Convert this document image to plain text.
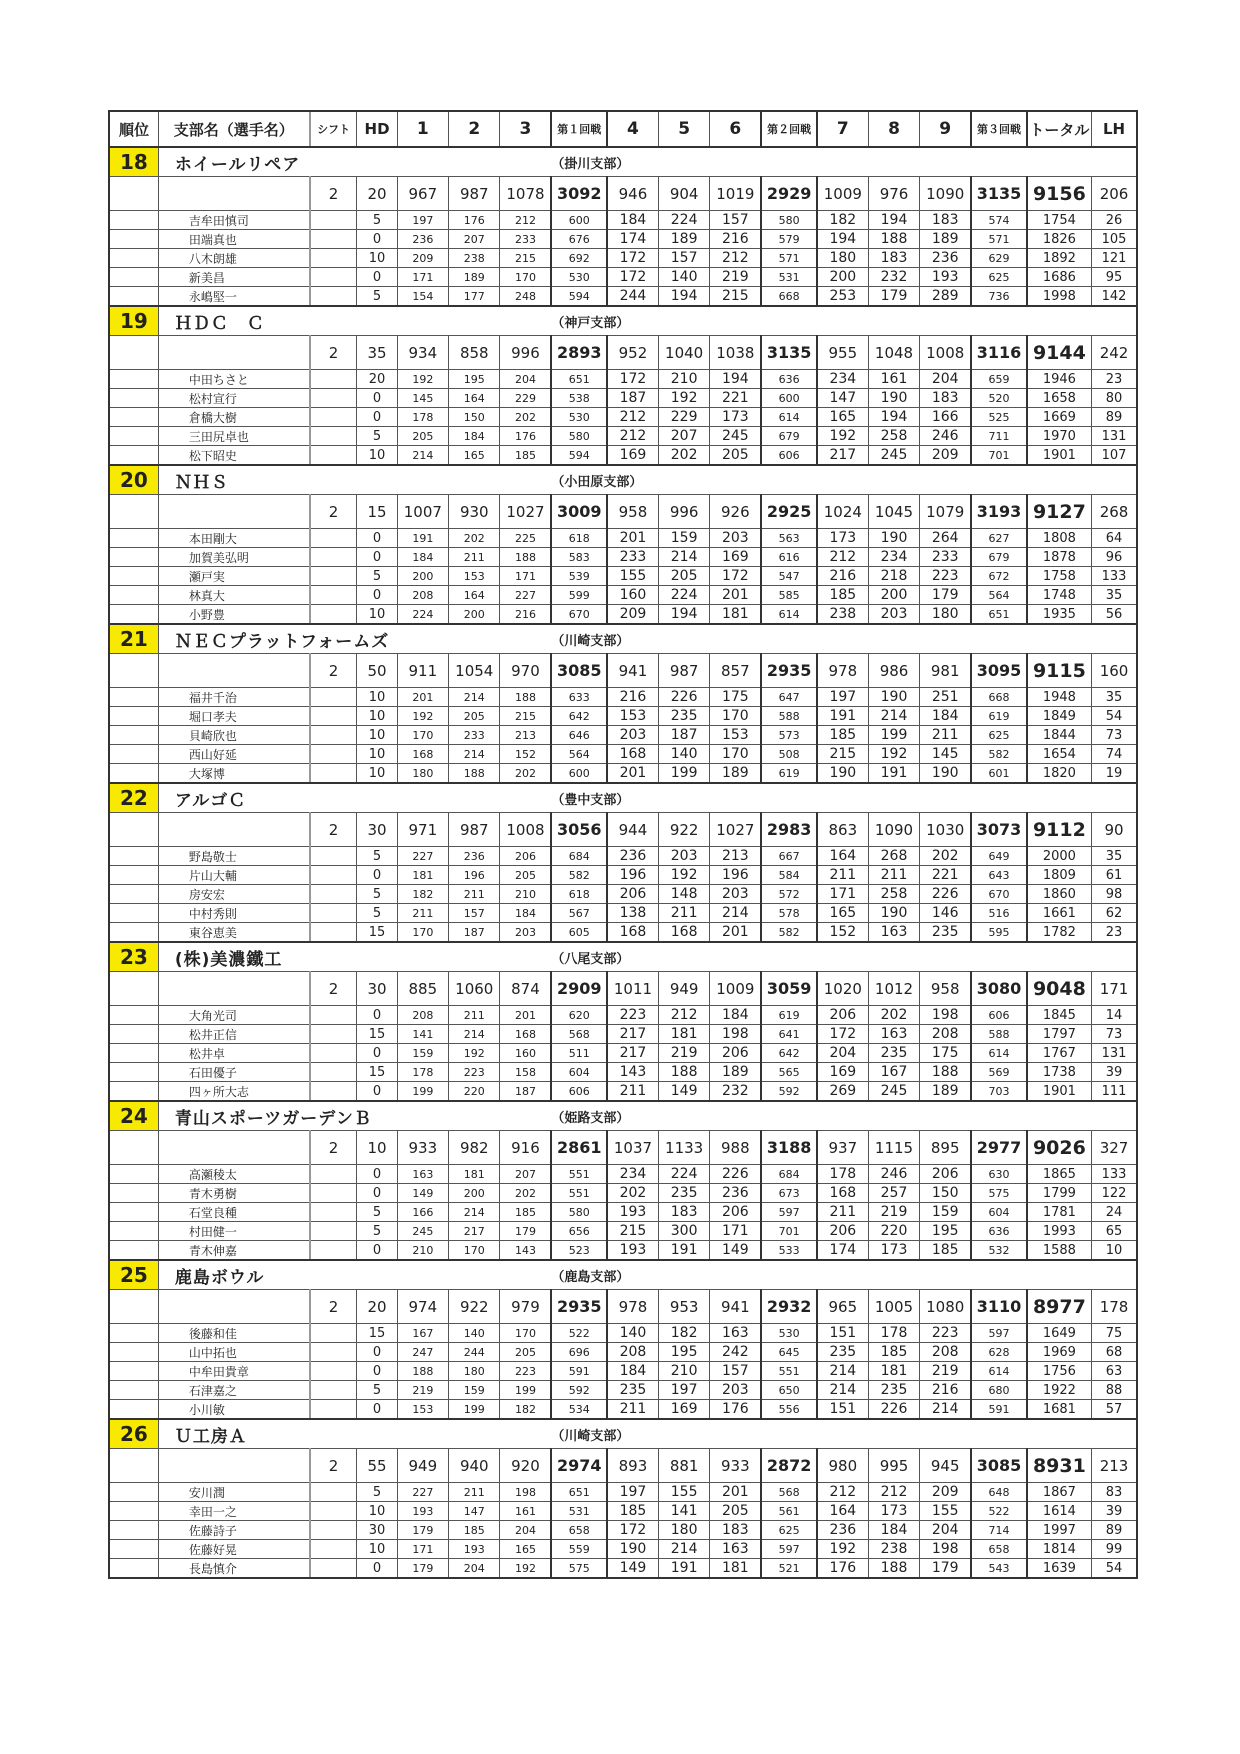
順位	支部名（選手名）	シフト	HD	1	2	3	第１回戦	4	5	6	第２回戦	7	8	9	第３回戦	トータル	LH
18	ホイールリペア						（掛川支部）										
		2	20	967	987	1078	3092	946	904	1019	2929	1009	976	1090	3135	9156	206
	吉牟田慎司		5	197	176	212	600	184	224	157	580	182	194	183	574	1754	26
	田端真也		0	236	207	233	676	174	189	216	579	194	188	189	571	1826	105
	八木朗雄		10	209	238	215	692	172	157	212	571	180	183	236	629	1892	121
	新美昌		0	171	189	170	530	172	140	219	531	200	232	193	625	1686	95
	永嶋堅一		5	154	177	248	594	244	194	215	668	253	179	289	736	1998	142
19	ＨＤＣ　Ｃ						（神戸支部）										
		2	35	934	858	996	2893	952	1040	1038	3135	955	1048	1008	3116	9144	242
	中田ちさと		20	192	195	204	651	172	210	194	636	234	161	204	659	1946	23
	松村宣行		0	145	164	229	538	187	192	221	600	147	190	183	520	1658	80
	倉橋大樹		0	178	150	202	530	212	229	173	614	165	194	166	525	1669	89
	三田尻卓也		5	205	184	176	580	212	207	245	679	192	258	246	711	1970	131
	松下昭史		10	214	165	185	594	169	202	205	606	217	245	209	701	1901	107
20	ＮＨＳ						（小田原支部）										
		2	15	1007	930	1027	3009	958	996	926	2925	1024	1045	1079	3193	9127	268
	本田剛大		0	191	202	225	618	201	159	203	563	173	190	264	627	1808	64
	加賀美弘明		0	184	211	188	583	233	214	169	616	212	234	233	679	1878	96
	瀬戸実		5	200	153	171	539	155	205	172	547	216	218	223	672	1758	133
	林真大		0	208	164	227	599	160	224	201	585	185	200	179	564	1748	35
	小野豊		10	224	200	216	670	209	194	181	614	238	203	180	651	1935	56
21	ＮＥＣプラットフォームズ						（川崎支部）										
		2	50	911	1054	970	3085	941	987	857	2935	978	986	981	3095	9115	160
	福井千治		10	201	214	188	633	216	226	175	647	197	190	251	668	1948	35
	堀口孝夫		10	192	205	215	642	153	235	170	588	191	214	184	619	1849	54
	貝崎欣也		10	170	233	213	646	203	187	153	573	185	199	211	625	1844	73
	西山好延		10	168	214	152	564	168	140	170	508	215	192	145	582	1654	74
	大塚博		10	180	188	202	600	201	199	189	619	190	191	190	601	1820	19
22	アルゴＣ						（豊中支部）										
		2	30	971	987	1008	3056	944	922	1027	2983	863	1090	1030	3073	9112	90
	野島敬士		5	227	236	206	684	236	203	213	667	164	268	202	649	2000	35
	片山大輔		0	181	196	205	582	196	192	196	584	211	211	221	643	1809	61
	房安宏		5	182	211	210	618	206	148	203	572	171	258	226	670	1860	98
	中村秀則		5	211	157	184	567	138	211	214	578	165	190	146	516	1661	62
	東谷恵美		15	170	187	203	605	168	168	201	582	152	163	235	595	1782	23
23	(株)美濃鐵工						（八尾支部）										
		2	30	885	1060	874	2909	1011	949	1009	3059	1020	1012	958	3080	9048	171
	大角光司		0	208	211	201	620	223	212	184	619	206	202	198	606	1845	14
	松井正信		15	141	214	168	568	217	181	198	641	172	163	208	588	1797	73
	松井卓		0	159	192	160	511	217	219	206	642	204	235	175	614	1767	131
	石田優子		15	178	223	158	604	143	188	189	565	169	167	188	569	1738	39
	四ヶ所大志		0	199	220	187	606	211	149	232	592	269	245	189	703	1901	111
24	青山スポーツガーデンＢ						（姫路支部）										
		2	10	933	982	916	2861	1037	1133	988	3188	937	1115	895	2977	9026	327
	高瀬稜太		0	163	181	207	551	234	224	226	684	178	246	206	630	1865	133
	青木勇樹		0	149	200	202	551	202	235	236	673	168	257	150	575	1799	122
	石堂良種		5	166	214	185	580	193	183	206	597	211	219	159	604	1781	24
	村田健一		5	245	217	179	656	215	300	171	701	206	220	195	636	1993	65
	青木伸嘉		0	210	170	143	523	193	191	149	533	174	173	185	532	1588	10
25	鹿島ボウル						（鹿島支部）										
		2	20	974	922	979	2935	978	953	941	2932	965	1005	1080	3110	8977	178
	後藤和佳		15	167	140	170	522	140	182	163	530	151	178	223	597	1649	75
	山中拓也		0	247	244	205	696	208	195	242	645	235	185	208	628	1969	68
	中牟田貴章		0	188	180	223	591	184	210	157	551	214	181	219	614	1756	63
	石津嘉之		5	219	159	199	592	235	197	203	650	214	235	216	680	1922	88
	小川敏		0	153	199	182	534	211	169	176	556	151	226	214	591	1681	57
26	Ｕ工房Ａ						（川崎支部）										
		2	55	949	940	920	2974	893	881	933	2872	980	995	945	3085	8931	213
	安川潤		5	227	211	198	651	197	155	201	568	212	212	209	648	1867	83
	幸田一之		10	193	147	161	531	185	141	205	561	164	173	155	522	1614	39
	佐藤詩子		30	179	185	204	658	172	180	183	625	236	184	204	714	1997	89
	佐藤好晃		10	171	193	165	559	190	214	163	597	192	238	198	658	1814	99
	長島慎介		0	179	204	192	575	149	191	181	521	176	188	179	543	1639	54
